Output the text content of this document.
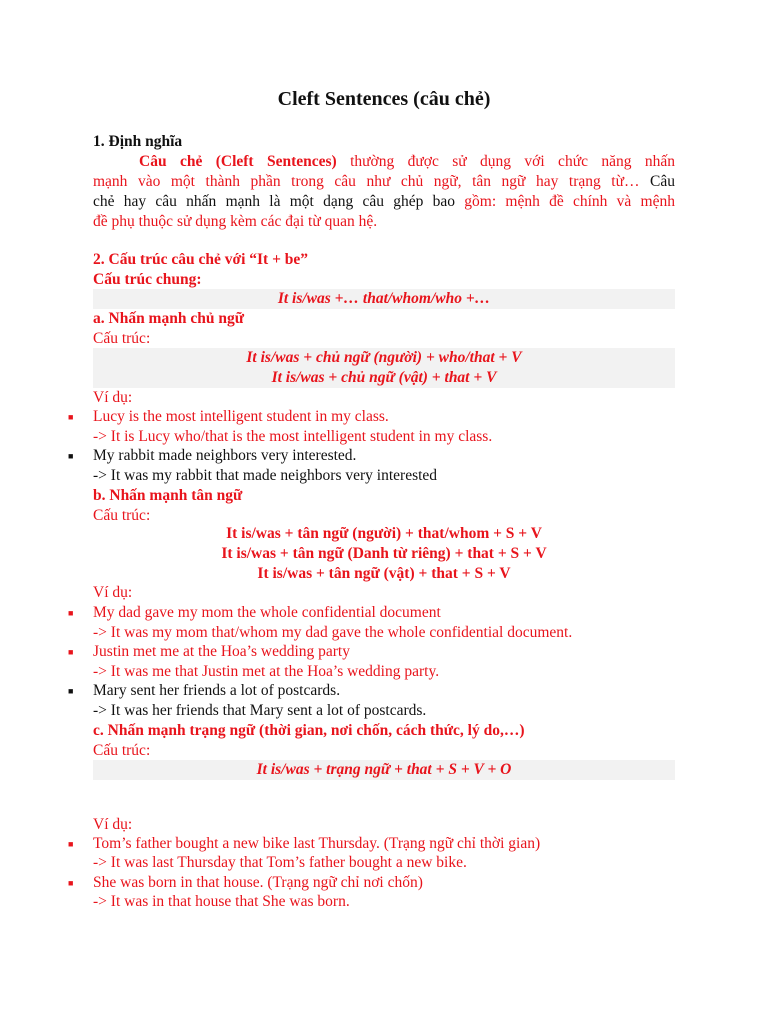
Cleft Sentences (câu chẻ)
1. Định nghĩa
Câu chẻ (Cleft Sentences) thường được sử dụng với chức năng nhấn
mạnh vào một thành phần trong câu như chủ ngữ, tân ngữ hay trạng từ… Câu
chẻ hay câu nhấn mạnh là một dạng câu ghép bao gồm: mệnh đề chính và mệnh
đề phụ thuộc sử dụng kèm các đại từ quan hệ.
2. Cấu trúc câu chẻ với “It + be”
Cấu trúc chung:
It is/was +… that/whom/who +…
a. Nhấn mạnh chủ ngữ
Cấu trúc:
It is/was + chủ ngữ (người) + who/that + V
It is/was + chủ ngữ (vật) + that + V
Ví dụ:
■ Lucy is the most intelligent student in my class.
-> It is Lucy who/that is the most intelligent student in my class.
■ My rabbit made neighbors very interested.
-> It was my rabbit that made neighbors very interested
b. Nhấn mạnh tân ngữ
Cấu trúc:
It is/was + tân ngữ (người) + that/whom + S + V
It is/was + tân ngữ (Danh từ riêng) + that + S + V
It is/was + tân ngữ (vật) + that + S + V
Ví dụ:
■ My dad gave my mom the whole confidential document
-> It was my mom that/whom my dad gave the whole confidential document.
■ Justin met me at the Hoa’s wedding party
-> It was me that Justin met at the Hoa’s wedding party.
■ Mary sent her friends a lot of postcards.
-> It was her friends that Mary sent a lot of postcards.
c. Nhấn mạnh trạng ngữ (thời gian, nơi chốn, cách thức, lý do,…)
Cấu trúc:
It is/was + trạng ngữ + that + S + V + O
Ví dụ:
■ Tom’s father bought a new bike last Thursday. (Trạng ngữ chỉ thời gian)
-> It was last Thursday that Tom’s father bought a new bike.
■ She was born in that house. (Trạng ngữ chỉ nơi chốn)
-> It was in that house that She was born.
